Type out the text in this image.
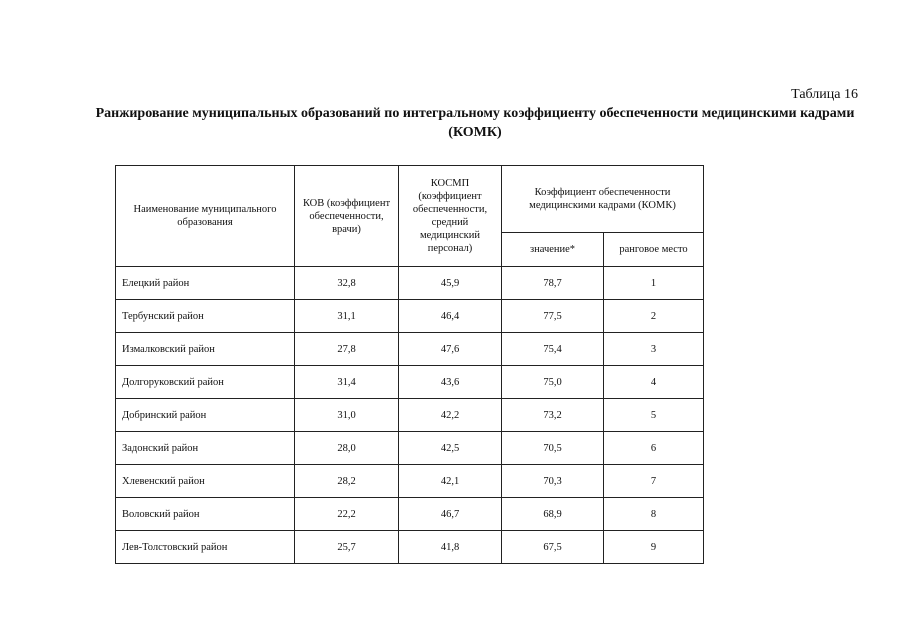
Таблица 16
Ранжирование муниципальных образований по интегральному коэффициенту обеспеченности медицинскими кадрами (КОМК)
Наименование муниципального образования	КОВ (коэффициент обеспеченности, врачи)	КОСМП (коэффициент обеспеченности, средний медицинский персонал)	Коэффициент обеспеченности медицинскими кадрами (КОМК)	
			значение*	ранговое место
Елецкий район	32,8	45,9	78,7	1
Тербунский район	31,1	46,4	77,5	2
Измалковский район	27,8	47,6	75,4	3
Долгоруковский район	31,4	43,6	75,0	4
Добринский район	31,0	42,2	73,2	5
Задонский район	28,0	42,5	70,5	6
Хлевенский район	28,2	42,1	70,3	7
Воловский район	22,2	46,7	68,9	8
Лев-Толстовский район	25,7	41,8	67,5	9
